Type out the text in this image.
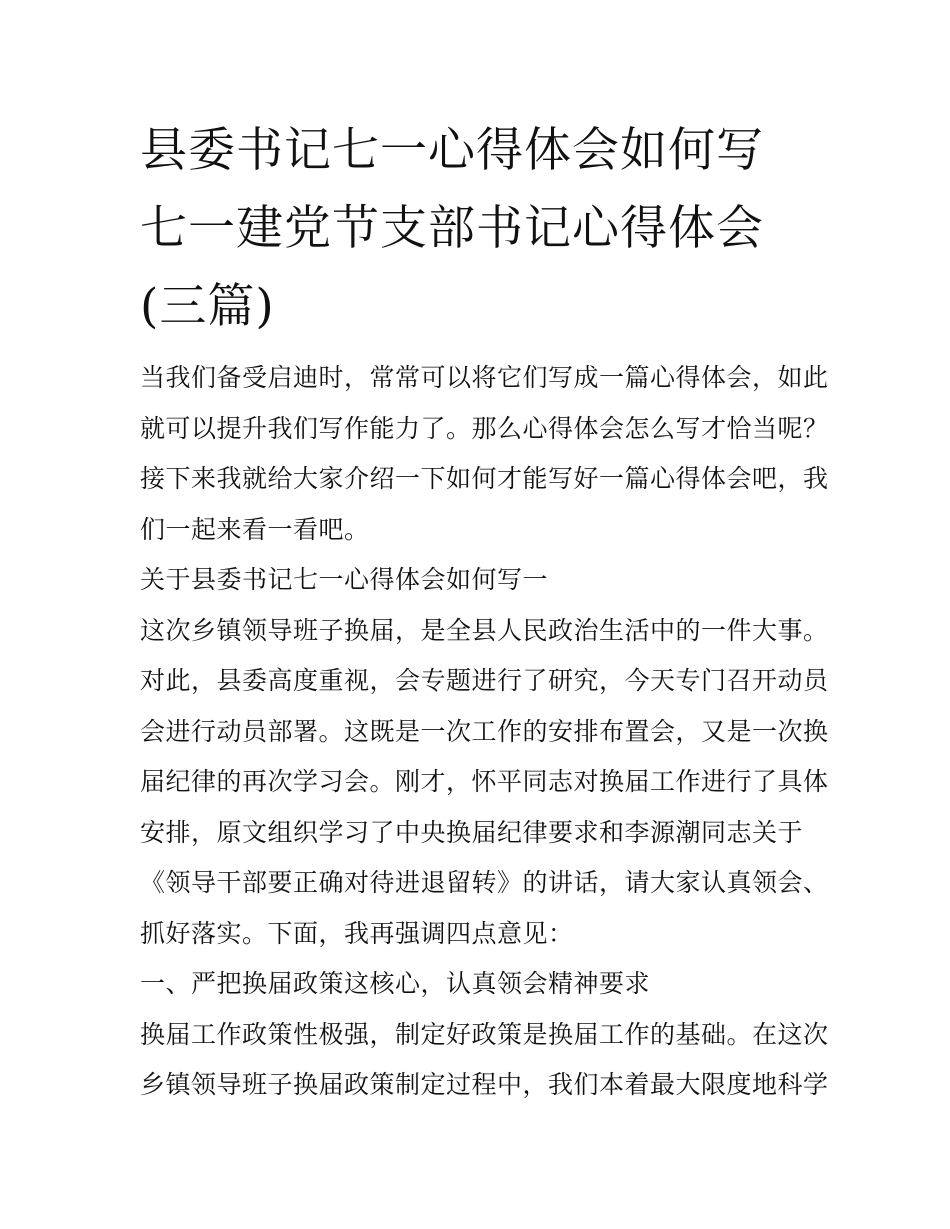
县委书记七一心得体会如何写
七一建党节支部书记心得体会
(三篇)
当我们备受启迪时，常常可以将它们写成一篇心得体会，如此
就可以提升我们写作能力了。那么心得体会怎么写才恰当呢？
接下来我就给大家介绍一下如何才能写好一篇心得体会吧，我
们一起来看一看吧。
关于县委书记七一心得体会如何写一
这次乡镇领导班子换届，是全县人民政治生活中的一件大事。
对此，县委高度重视，会专题进行了研究，今天专门召开动员
会进行动员部署。这既是一次工作的安排布置会，又是一次换
届纪律的再次学习会。刚才，怀平同志对换届工作进行了具体
安排，原文组织学习了中央换届纪律要求和李源潮同志关于
《领导干部要正确对待进退留转》的讲话，请大家认真领会、
抓好落实。下面，我再强调四点意见：
一、严把换届政策这核心，认真领会精神要求
换届工作政策性极强，制定好政策是换届工作的基础。在这次
乡镇领导班子换届政策制定过程中，我们本着最大限度地科学
